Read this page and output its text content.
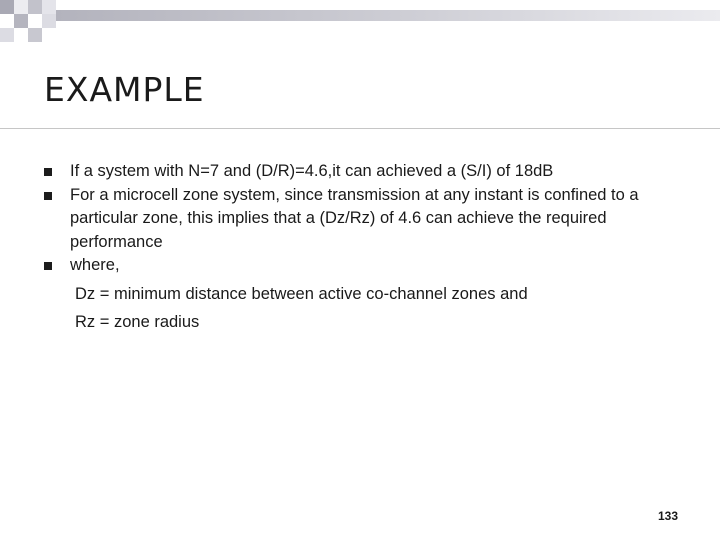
EXAMPLE
If a system with N=7 and (D/R)=4.6,it can achieved a (S/I) of 18dB
For a microcell zone system, since transmission at any instant is confined to a particular zone, this implies that a (Dz/Rz) of 4.6 can achieve the required performance
where,
Dz = minimum distance between active co-channel zones and
Rz = zone radius
133
